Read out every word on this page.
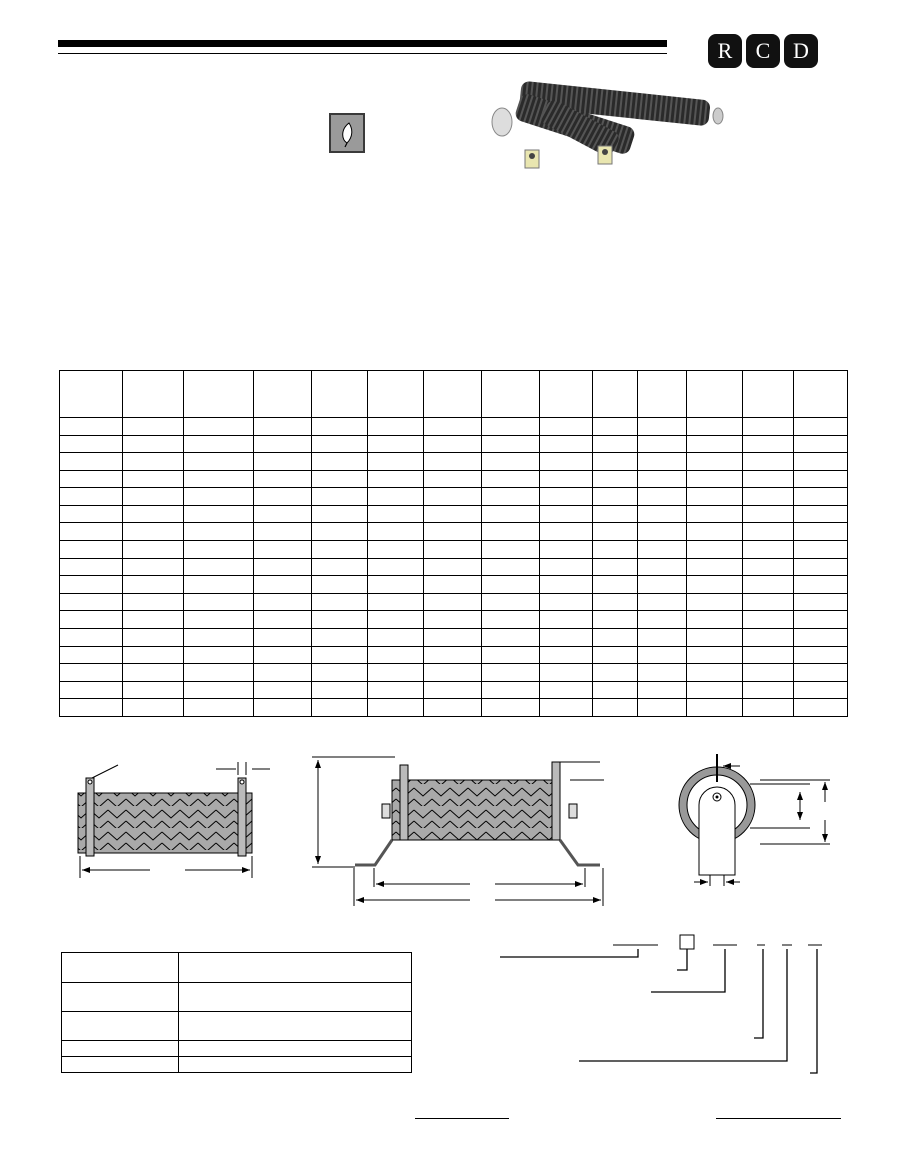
R	C	D
